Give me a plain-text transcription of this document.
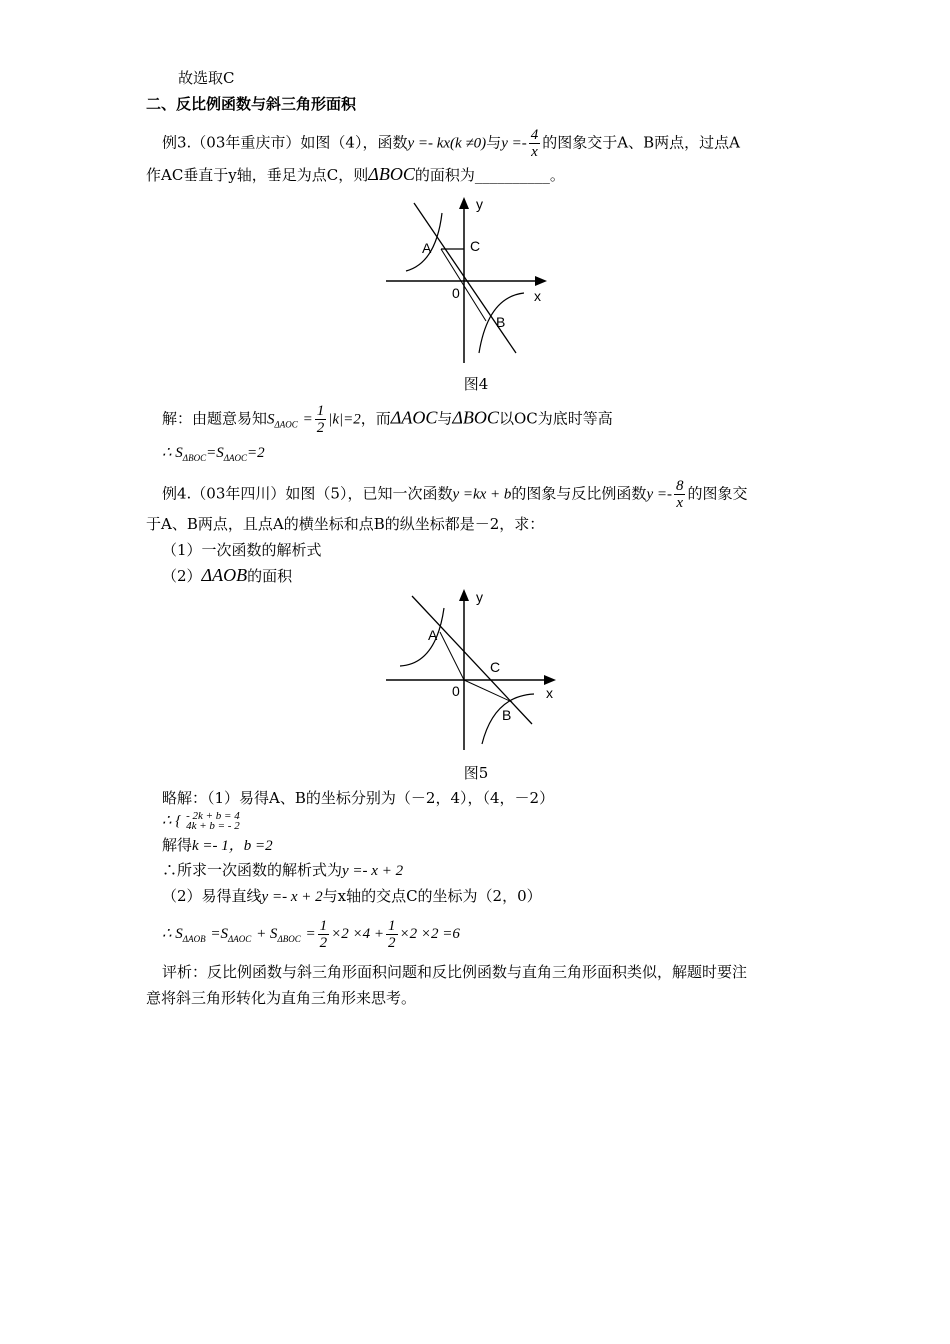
故选取C
二、反比例函数与斜三角形面积
例3.（03年重庆市）如图（4），函数y =- kx(k ≠0)与$y =- \frac{4}{x}$ 的图象交于A、B两点，过点A
作AC垂直于y轴，垂足为点C，则ΔBOC的面积为__________。
y
x
A	C
0
B
图4
解：由题意易知$S_{\Delta AOC} = \frac{1}{2} |k|=2$，而ΔAOC与ΔBOC以OC为底时等高
∴ $S_{\Delta BOC}=S_{\Delta AOC}=2$
例4.（03年四川）如图（5），已知一次函数y =kx + b的图象与反比例函数$y =- \frac{8}{x}$ 的图象交
于A、B两点，且点A的横坐标和点B的纵坐标都是－2，求：
（1）一次函数的解析式
（2）ΔAOB的面积
y
x
A
C
0
B
图5
略解：（1）易得A、B的坐标分别为（－2，4），（4，－2）
∴ { - 2k + b = 4
4k + b = - 2
解得k =- 1，b =2
∴所求一次函数的解析式为y =- x + 2
（2）易得直线y =- x + 2与x轴的交点C的坐标为（2，0）
∴ $S_{\Delta AOB} =S_{\Delta AOC} + S_{\Delta BOC} = \frac{1}{2} \times 2 \times 4 + \frac{1}{2} \times 2 \times 2 =6$
评析：反比例函数与斜三角形面积问题和反比例函数与直角三角形面积类似，解题时要注
意将斜三角形转化为直角三角形来思考。
